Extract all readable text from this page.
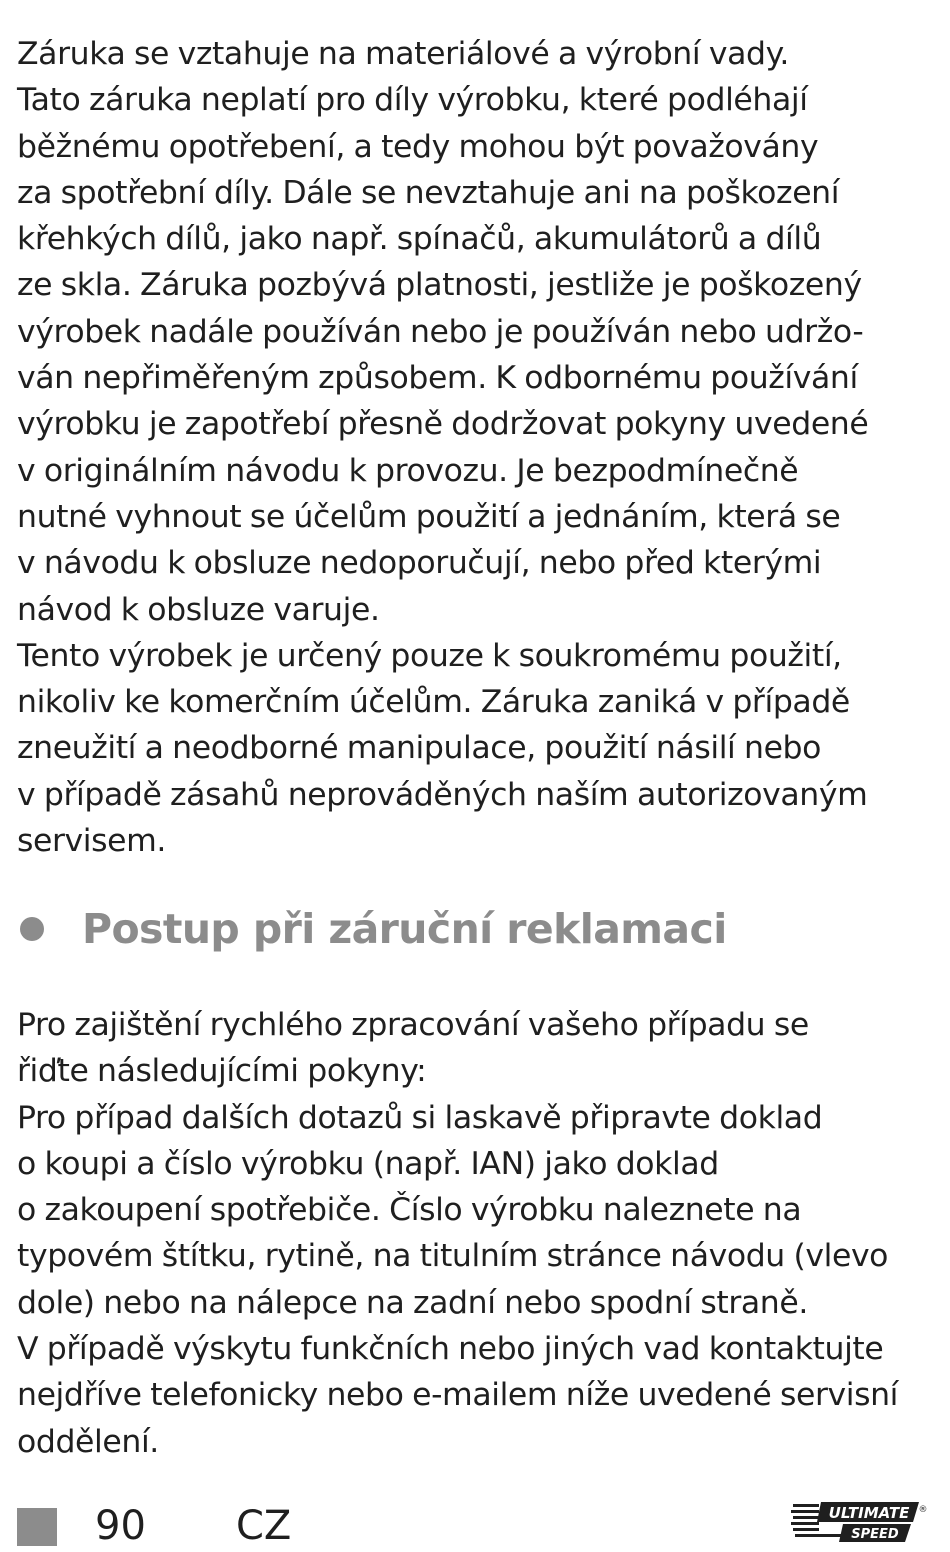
Záruka se vztahuje na materiálové a výrobní vady.
Tato záruka neplatí pro díly výrobku, které podléhají
běžnému opotřebení, a tedy mohou být považovány
za spotřební díly. Dále se nevztahuje ani na poškození
křehkých dílů, jako např. spínačů, akumulátorů a dílů
ze skla. Záruka pozbývá platnosti, jestliže je poškozený
výrobek nadále používán nebo je používán nebo udržo-
ván nepřiměřeným způsobem. K odbornému používání
výrobku je zapotřebí přesně dodržovat pokyny uvedené
v originálním návodu k provozu. Je bezpodmínečně
nutné vyhnout se účelům použití a jednáním, která se
v návodu k obsluze nedoporučují, nebo před kterými
návod k obsluze varuje.
Tento výrobek je určený pouze k soukromému použití,
nikoliv ke komerčním účelům. Záruka zaniká v případě
zneužití a neodborné manipulace, použití násilí nebo
v případě zásahů neprováděných naším autorizovaným
servisem.
Postup při záruční reklamaci
Pro zajištění rychlého zpracování vašeho případu se
řiďte následujícími pokyny:
Pro případ dalších dotazů si laskavě připravte doklad
o koupi a číslo výrobku (např. IAN) jako doklad
o zakoupení spotřebiče. Číslo výrobku naleznete na
typovém štítku, rytině, na titulním stránce návodu (vlevo
dole) nebo na nálepce na zadní nebo spodní straně.
V případě výskytu funkčních nebo jiných vad kontaktujte
nejdříve telefonicky nebo e-mailem níže uvedené servisní
oddělení.
90 CZ	ULTIMATE
SPEED
®
